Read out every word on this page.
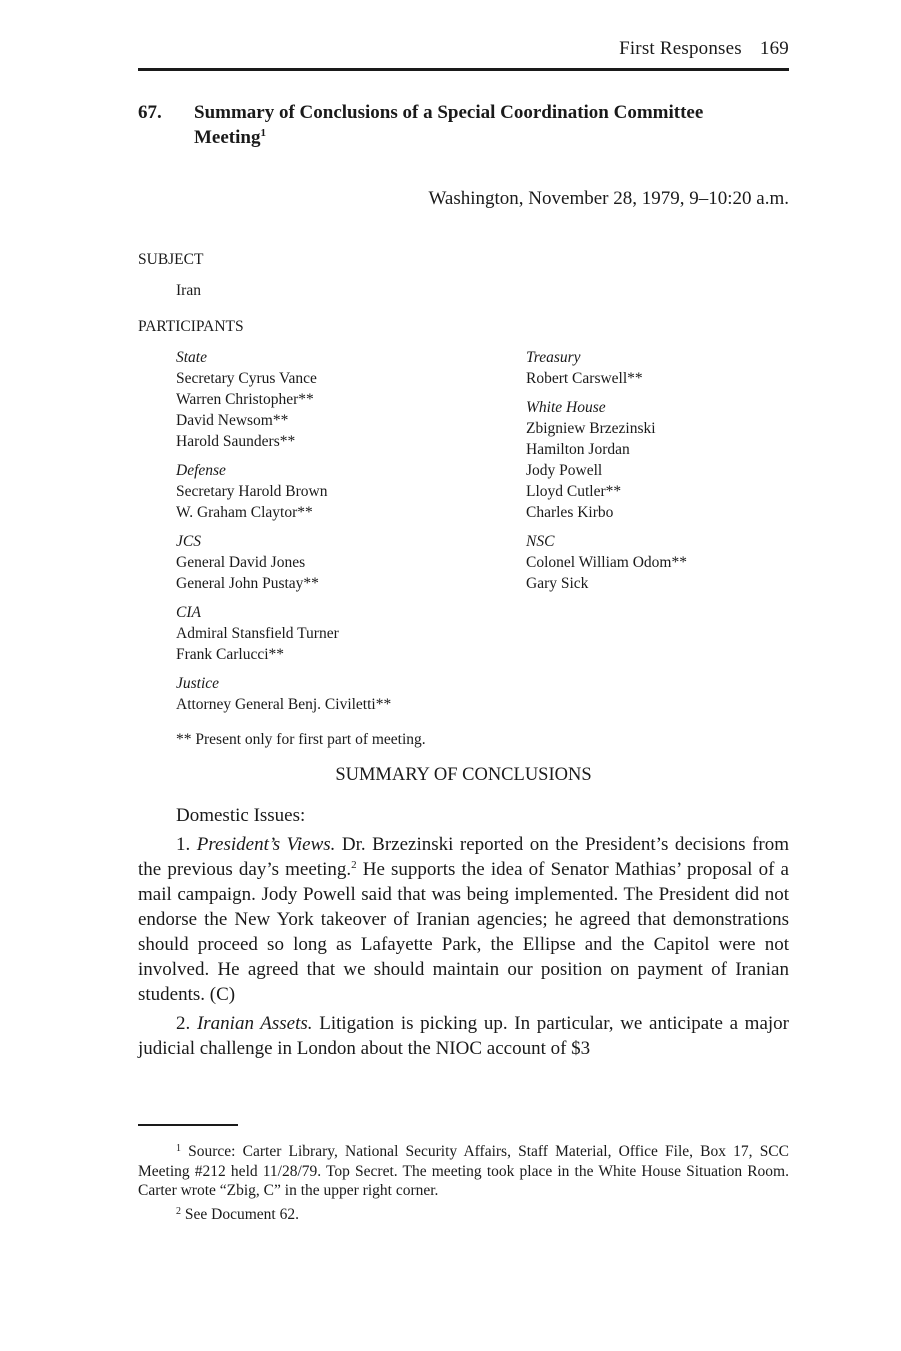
First Responses 169
67. Summary of Conclusions of a Special Coordination Committee Meeting$^1$
Washington, November 28, 1979, 9–10:20 a.m.
SUBJECT
Iran
PARTICIPANTS
State
Secretary Cyrus Vance
Warren Christopher**
David Newsom**
Harold Saunders**
Defense
Secretary Harold Brown
W. Graham Claytor**
JCS
General David Jones
General John Pustay**
CIA
Admiral Stansfield Turner
Frank Carlucci**
Justice
Attorney General Benj. Civiletti**
Treasury
Robert Carswell**
White House
Zbigniew Brzezinski
Hamilton Jordan
Jody Powell
Lloyd Cutler**
Charles Kirbo
NSC
Colonel William Odom**
Gary Sick
** Present only for first part of meeting.
SUMMARY OF CONCLUSIONS

Domestic Issues:

1. President’s Views. Dr. Brzezinski reported on the President’s decisions from the previous day’s meeting.$^2$ He supports the idea of Senator Mathias’ proposal of a mail campaign. Jody Powell said that was being implemented. The President did not endorse the New York takeover of Iranian agencies; he agreed that demonstrations should proceed so long as Lafayette Park, the Ellipse and the Capitol were not involved. He agreed that we should maintain our position on payment of Iranian students. (C)

2. Iranian Assets. Litigation is picking up. In particular, we anticipate a major judicial challenge in London about the NIOC account of $3

$^1$ Source: Carter Library, National Security Affairs, Staff Material, Office File, Box 17, SCC Meeting #212 held 11/28/79. Top Secret. The meeting took place in the White House Situation Room. Carter wrote “Zbig, C” in the upper right corner.

$^2$ See Document 62.
